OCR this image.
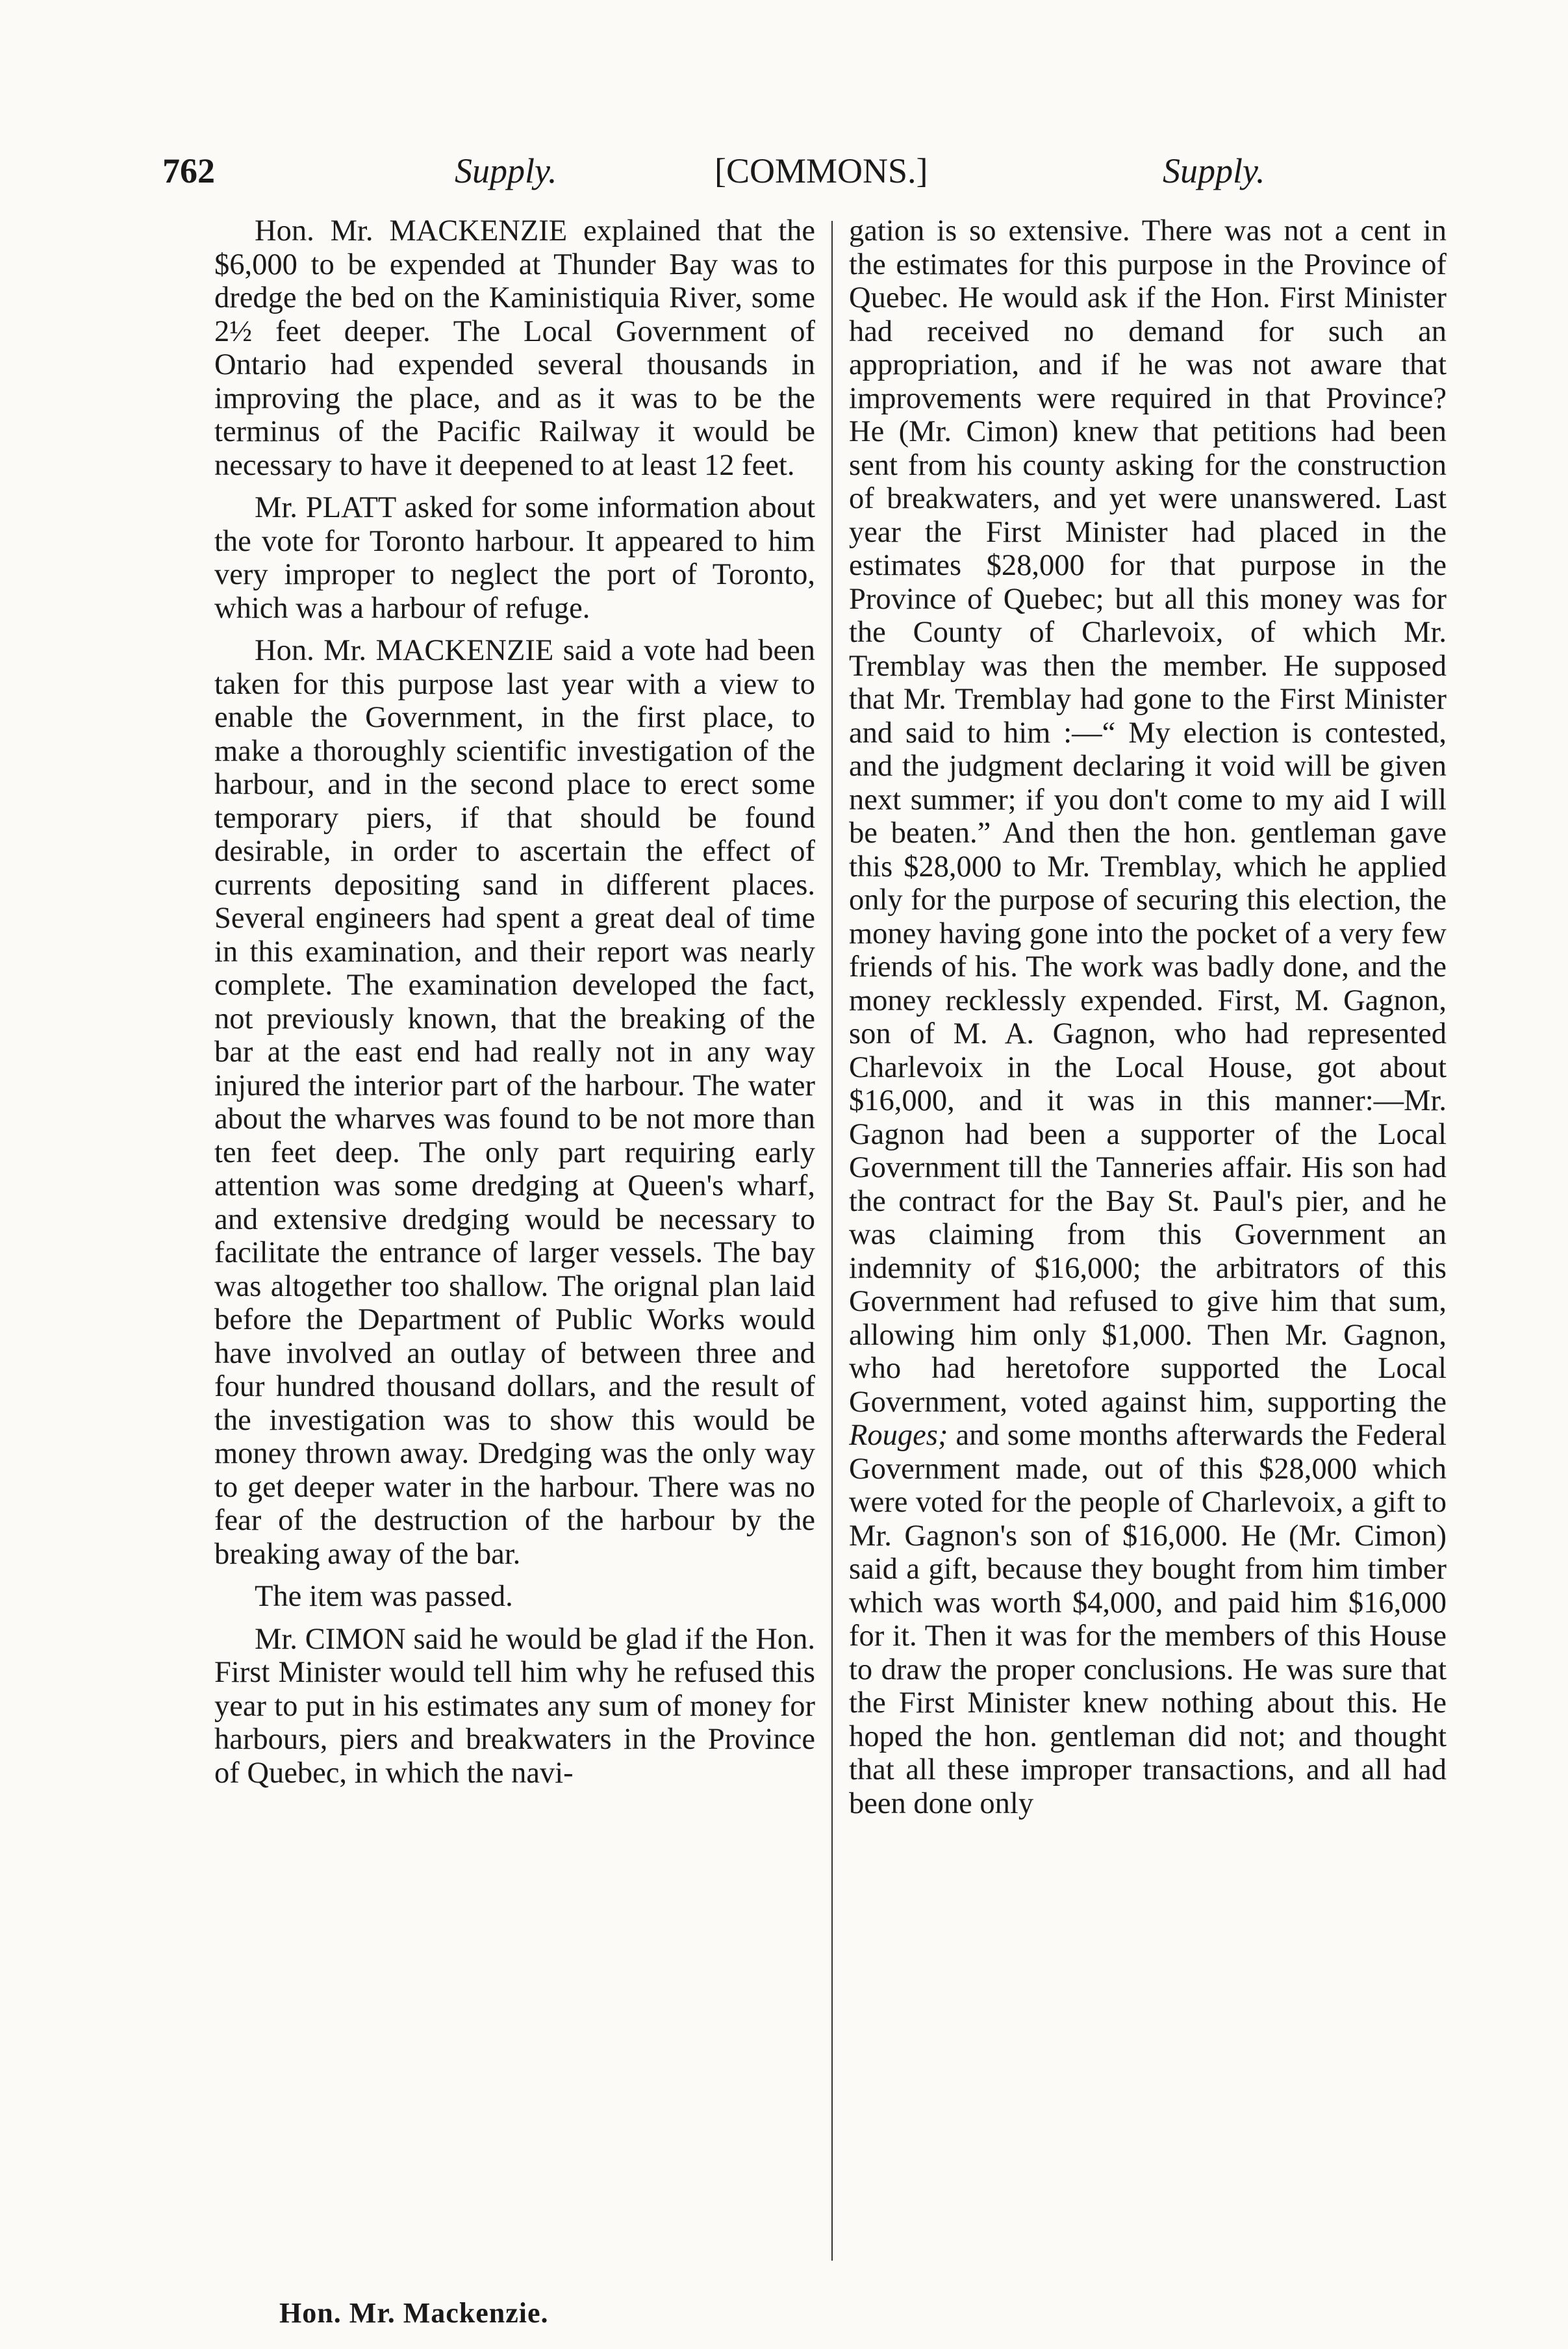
762	Supply.	[COMMONS.]	Supply.

Hon. Mr. MACKENZIE explained that the $6,000 to be expended at Thunder Bay was to dredge the bed on the Kaministiquia River, some 2½ feet deeper. The Local Government of Ontario had expended several thousands in improving the place, and as it was to be the terminus of the Pacific Railway it would be necessary to have it deepened to at least 12 feet.

Mr. PLATT asked for some information about the vote for Toronto harbour. It appeared to him very improper to neglect the port of Toronto, which was a harbour of refuge.

Hon. Mr. MACKENZIE said a vote had been taken for this purpose last year with a view to enable the Government, in the first place, to make a thoroughly scientific investigation of the harbour, and in the second place to erect some temporary piers, if that should be found desirable, in order to ascertain the effect of currents depositing sand in different places. Several engineers had spent a great deal of time in this examination, and their report was nearly complete. The examination developed the fact, not previously known, that the breaking of the bar at the east end had really not in any way injured the interior part of the harbour. The water about the wharves was found to be not more than ten feet deep. The only part requiring early attention was some dredging at Queen's wharf, and extensive dredging would be necessary to facilitate the entrance of larger vessels. The bay was altogether too shallow. The orignal plan laid before the Department of Public Works would have involved an outlay of between three and four hundred thousand dollars, and the result of the investigation was to show this would be money thrown away. Dredging was the only way to get deeper water in the harbour. There was no fear of the destruction of the harbour by the breaking away of the bar.

The item was passed.

Mr. CIMON said he would be glad if the Hon. First Minister would tell him why he refused this year to put in his estimates any sum of money for harbours, piers and breakwaters in the Province of Quebec, in which the navi-

gation is so extensive. There was not a cent in the estimates for this purpose in the Province of Quebec. He would ask if the Hon. First Minister had received no demand for such an appropriation, and if he was not aware that improvements were required in that Province? He (Mr. Cimon) knew that petitions had been sent from his county asking for the construction of breakwaters, and yet were unanswered. Last year the First Minister had placed in the estimates $28,000 for that purpose in the Province of Quebec; but all this money was for the County of Charlevoix, of which Mr. Tremblay was then the member. He supposed that Mr. Tremblay had gone to the First Minister and said to him :—“ My election is contested, and the judgment declaring it void will be given next summer; if you don't come to my aid I will be beaten.” And then the hon. gentleman gave this $28,000 to Mr. Tremblay, which he applied only for the purpose of securing this election, the money having gone into the pocket of a very few friends of his. The work was badly done, and the money recklessly expended. First, M. Gagnon, son of M. A. Gagnon, who had represented Charlevoix in the Local House, got about $16,000, and it was in this manner:—Mr. Gagnon had been a supporter of the Local Government till the Tanneries affair. His son had the contract for the Bay St. Paul's pier, and he was claiming from this Government an indemnity of $16,000; the arbitrators of this Government had refused to give him that sum, allowing him only $1,000. Then Mr. Gagnon, who had heretofore supported the Local Government, voted against him, supporting the Rouges; and some months afterwards the Federal Government made, out of this $28,000 which were voted for the people of Charlevoix, a gift to Mr. Gagnon's son of $16,000. He (Mr. Cimon) said a gift, because they bought from him timber which was worth $4,000, and paid him $16,000 for it. Then it was for the members of this House to draw the proper conclusions. He was sure that the First Minister knew nothing about this. He hoped the hon. gentleman did not; and thought that all these improper transactions, and all had been done only

Hon. Mr. Mackenzie.
